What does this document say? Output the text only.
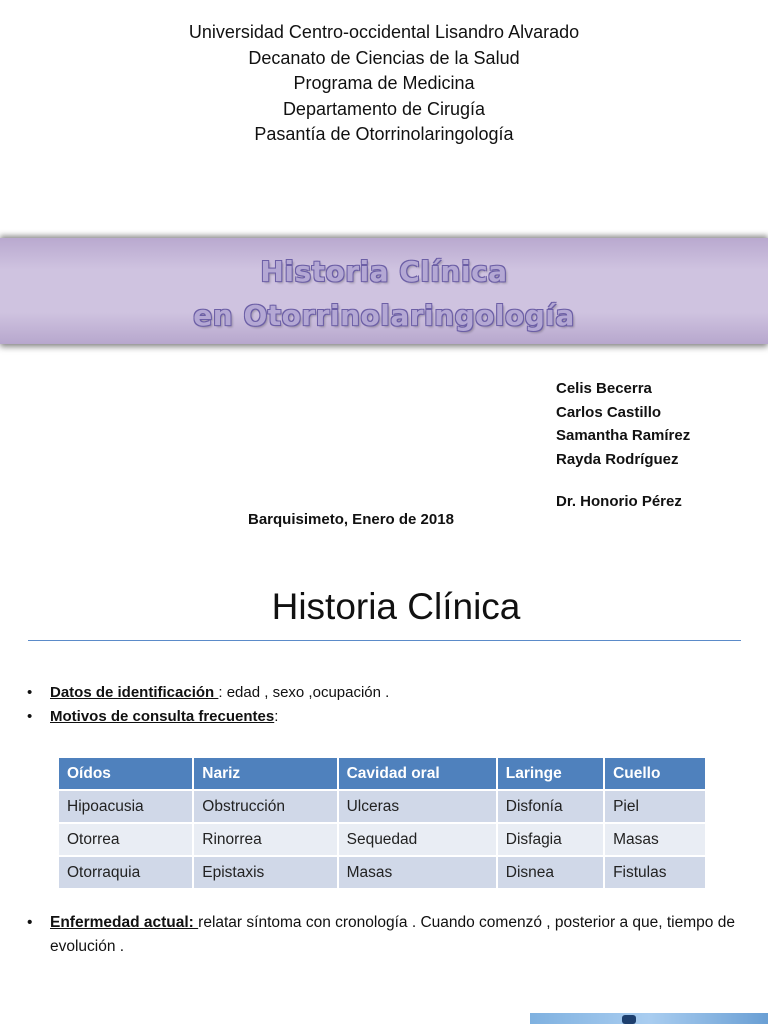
Universidad Centro-occidental Lisandro Alvarado
Decanato de Ciencias de la Salud
Programa de Medicina
Departamento de Cirugía
Pasantía de Otorrinolaringología
Historia Clínica
en Otorrinolaringología
Celis Becerra
Carlos Castillo
Samantha Ramírez
Rayda Rodríguez
Dr. Honorio Pérez
Barquisimeto, Enero de 2018
Historia Clínica
• Datos de identificación : edad , sexo ,ocupación .
• Motivos de consulta frecuentes:
Oídos	Nariz	Cavidad oral	Laringe	Cuello
Hipoacusia	Obstrucción	Ulceras	Disfonía	Piel
Otorrea	Rinorrea	Sequedad	Disfagia	Masas
Otorraquia	Epistaxis	Masas	Disnea	Fistulas
•	Enfermedad actual: relatar síntoma con cronología . Cuando comenzó , posterior a que, tiempo de evolución .
